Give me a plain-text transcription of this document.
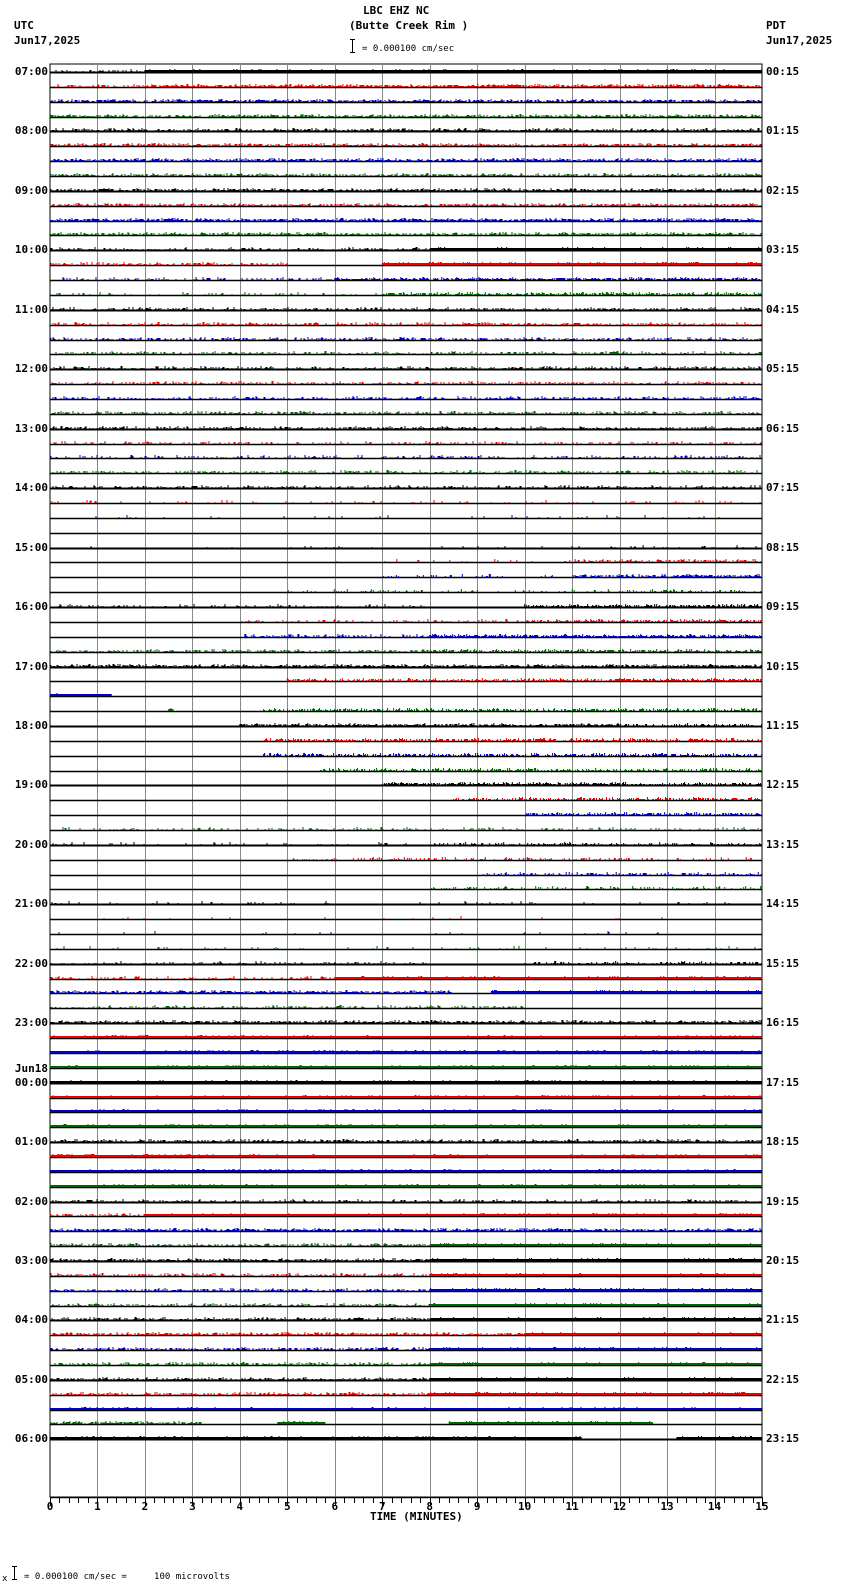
UTC
Jun17,2025
LBC EHZ NC
(Butte Creek Rim )
= 0.000100 cm/sec
PDT
Jun17,2025
07:00
08:00
09:00
10:00
11:00
12:00
13:00
14:00
15:00
16:00
17:00
18:00
19:00
20:00
21:00
22:00
23:00
00:00
Jun18
01:00
02:00
03:00
04:00
05:00
06:00
00:15
01:15
02:15
03:15
04:15
05:15
06:15
07:15
08:15
09:15
10:15
11:15
12:15
13:15
14:15
15:15
16:15
17:15
18:15
19:15
20:15
21:15
22:15
23:15
0	1	2	3	4	5	6	7	8	9	10	11	12	13	14	15
TIME (MINUTES)
x = 0.000100 cm/sec =     100 microvolts
